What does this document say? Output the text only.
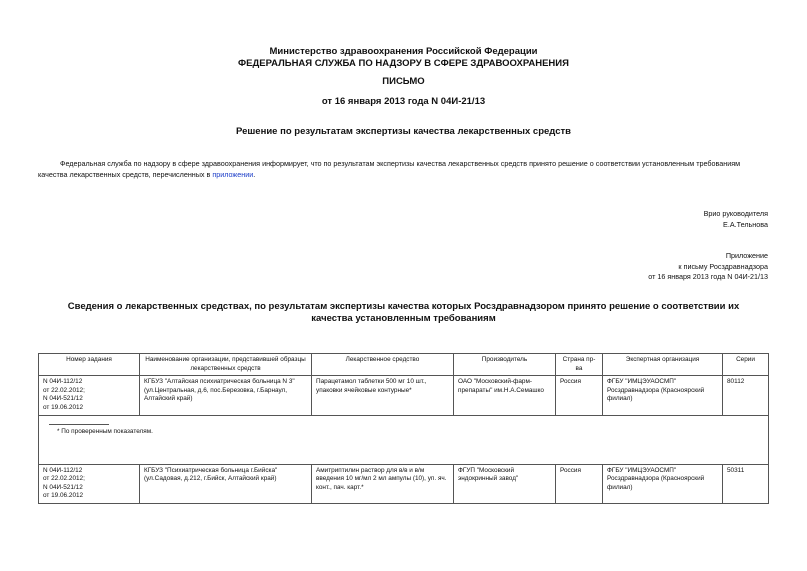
Министерство здравоохранения Российской Федерации
ФЕДЕРАЛЬНАЯ СЛУЖБА ПО НАДЗОРУ В СФЕРЕ ЗДРАВООХРАНЕНИЯ
ПИСЬМО
от 16 января 2013 года N 04И-21/13
Решение по результатам экспертизы качества лекарственных средств
Федеральная служба по надзору в сфере здравоохранения информирует, что по результатам экспертизы качества лекарственных средств принято решение о соответствии установленным требованиям качества лекарственных средств, перечисленных в приложении.
Врио руководителя
Е.А.Тельнова
Приложение
к письму Росздравнадзора
от 16 января 2013 года N 04И-21/13
Сведения о лекарственных средствах, по результатам экспертизы качества которых Росздравнадзором принято решение о соответствии их качества установленным требованиям
Номер задания	Наименование организации, представившей образцы лекарственных средств	Лекарственное средство	Производитель	Страна пр-ва	Экспертная организация	Серии

N 04И-112/12
от 22.02.2012;
N 04И-521/12
от 19.06.2012	КГБУЗ "Алтайская психиатрическая больница N 3" (ул.Центральная, д.6, пос.Березовка, г.Барнаул, Алтайский край)	Парацетамол таблетки 500 мг 10 шт., упаковки ячейковые контурные*	ОАО "Московский-фарм-препараты" им.Н.А.Семашко	Россия	ФГБУ "ИМЦЭУАОСМП" Росздравнадзора (Красноярский филиал)	80112

* По проверенным показателям.						

N 04И-112/12
от 22.02.2012;
N 04И-521/12
от 19.06.2012	КГБУЗ "Психиатрическая больница г.Бийска" (ул.Садовая, д.212, г.Бийск, Алтайский край)	Амитриптилин раствор для в/в и в/м введения 10 мг/мл 2 мл ампулы (10), уп. яч. конт., пач. карт.*	ФГУП "Московский эндокринный завод"	Россия	ФГБУ "ИМЦЭУАОСМП" Росздравнадзора (Красноярский филиал)	50311
